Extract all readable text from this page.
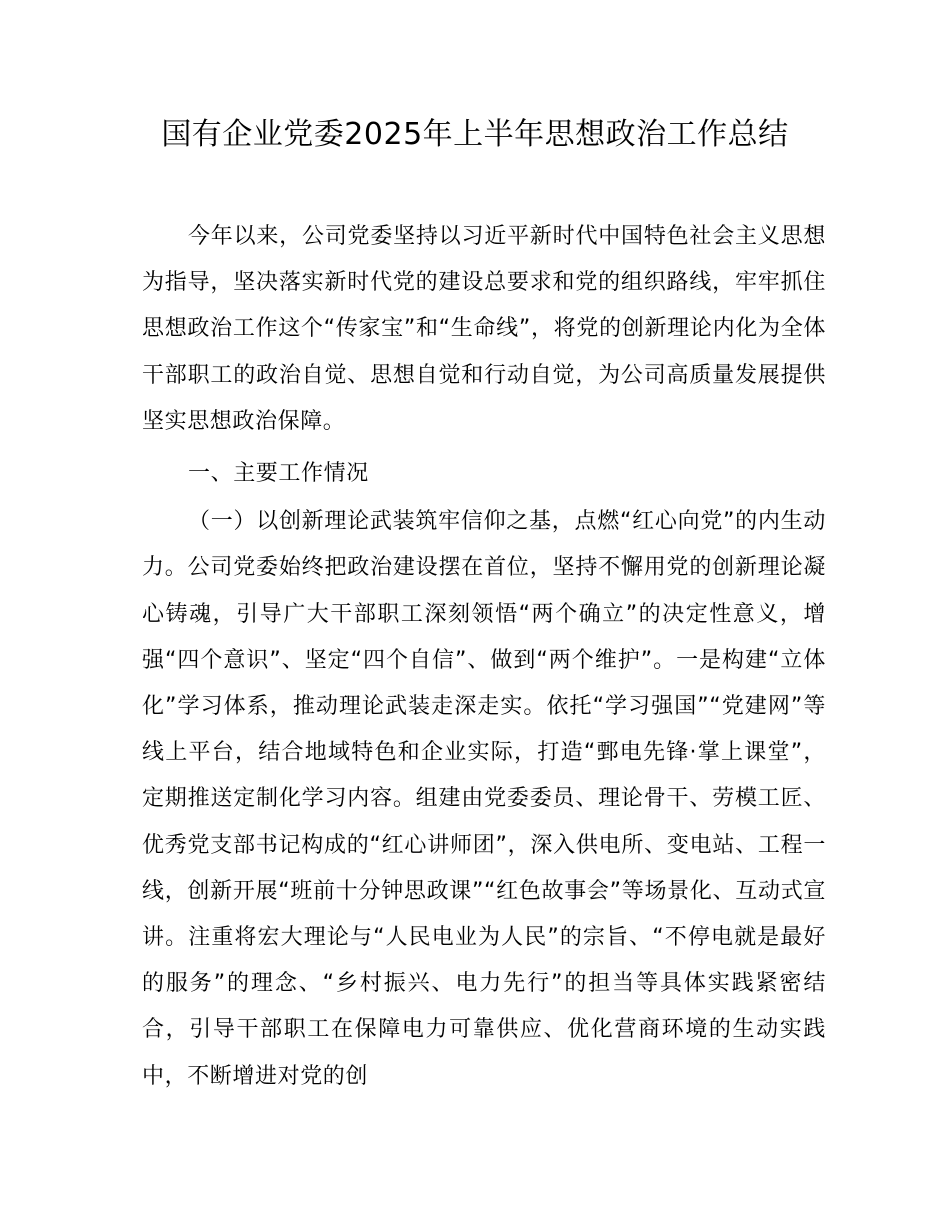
国有企业党委2025年上半年思想政治工作总结

今年以来，公司党委坚持以习近平新时代中国特色社会主义思想为指导，坚决落实新时代党的建设总要求和党的组织路线，牢牢抓住思想政治工作这个“传家宝”和“生命线”，将党的创新理论内化为全体干部职工的政治自觉、思想自觉和行动自觉，为公司高质量发展提供坚实思想政治保障。

一、主要工作情况

（一）以创新理论武装筑牢信仰之基，点燃“红心向党”的内生动力。公司党委始终把政治建设摆在首位，坚持不懈用党的创新理论凝心铸魂，引导广大干部职工深刻领悟“两个确立”的决定性意义，增强“四个意识”、坚定“四个自信”、做到“两个维护”。一是构建“立体化”学习体系，推动理论武装走深走实。依托“学习强国”“党建网”等线上平台，结合地域特色和企业实际，打造“鄄电先锋·掌上课堂”，定期推送定制化学习内容。组建由党委委员、理论骨干、劳模工匠、优秀党支部书记构成的“红心讲师团”，深入供电所、变电站、工程一线，创新开展“班前十分钟思政课”“红色故事会”等场景化、互动式宣讲。注重将宏大理论与“人民电业为人民”的宗旨、“不停电就是最好的服务”的理念、“乡村振兴、电力先行”的担当等具体实践紧密结合，引导干部职工在保障电力可靠供应、优化营商环境的生动实践中，不断增进对党的创
